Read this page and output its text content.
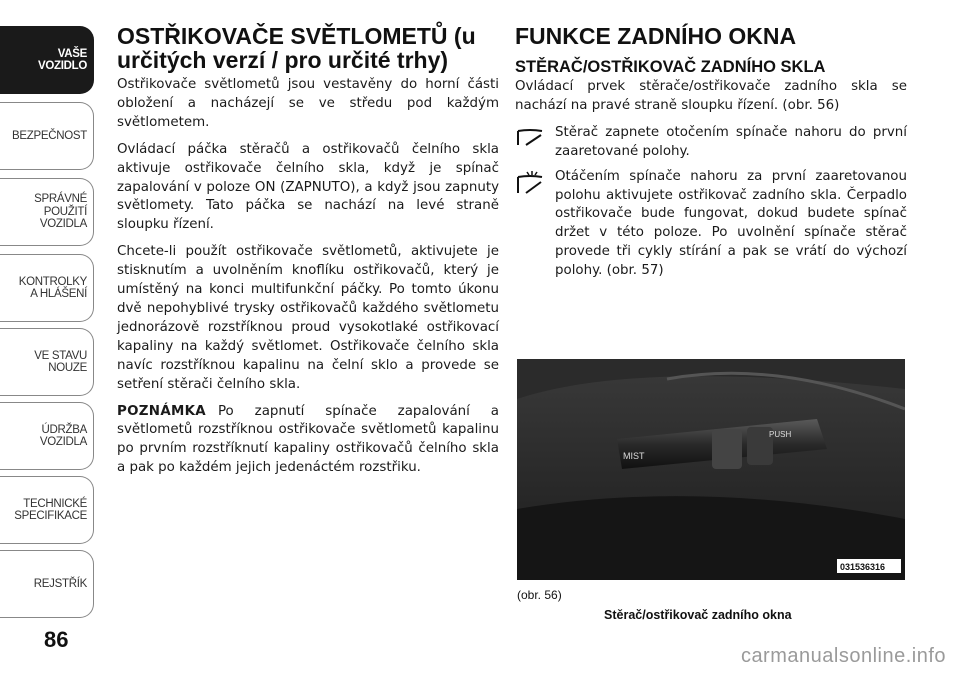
VAŠE
VOZIDLO
BEZPEČNOST
SPRÁVNÉ
POUŽITÍ
VOZIDLA
KONTROLKY
A HLÁŠENÍ
VE STAVU
NOUZE
ÚDRŽBA
VOZIDLA
TECHNICKÉ
SPECIFIKACE
REJSTŘÍK
86
OSTŘIKOVAČE SVĚTLOMETŮ (u určitých verzí / pro určité trhy)

Ostřikovače světlometů jsou vestavěny do horní části obložení a nacházejí se ve středu pod každým světlometem.

Ovládací páčka stěračů a ostřikovačů čelního skla aktivuje ostřikovače čelního skla, když je spínač zapalování v poloze ON (ZAPNUTO), a když jsou zapnuty světlomety. Tato páčka se nachází na levé straně sloupku řízení.

Chcete-li použít ostřikovače světlometů, aktivujete je stisknutím a uvolněním knoflíku ostřikovačů, který je umístěný na konci multifunkční páčky. Po tomto úkonu dvě nepohyblivé trysky ostřikovačů každého světlometu jednorázově rozstříknou proud vysokotlaké ostřikovací kapaliny na každý světlomet. Ostřikovače čelního skla navíc rozstříknou kapalinu na čelní sklo a provede se setření stěrači čelního skla.

POZNÁMKA Po zapnutí spínače zapalování a světlometů rozstříknou ostřikovače světlometů kapalinu po prvním rozstříknutí kapaliny ostřikovačů čelního skla a pak po každém jejich jedenáctém rozstřiku.

FUNKCE ZADNÍHO OKNA
STĚRAČ/OSTŘIKOVAČ ZADNÍHO SKLA

Ovládací prvek stěrače/ostřikovače zadního skla se nachází na pravé straně sloupku řízení. (obr. 56)

Stěrač zapnete otočením spínače nahoru do první zaaretované polohy.

Otáčením spínače nahoru za první zaaretovanou polohu aktivujete ostřikovač zadního skla. Čerpadlo ostřikovače bude fungovat, dokud budete spínač držet v této poloze. Po uvolnění spínače stěrač provede tři cykly stírání a pak se vrátí do výchozí polohy. (obr. 57)

MIST
PUSH
031536316
(obr. 56)
Stěrač/ostřikovač zadního okna
carmanualsonline.info
